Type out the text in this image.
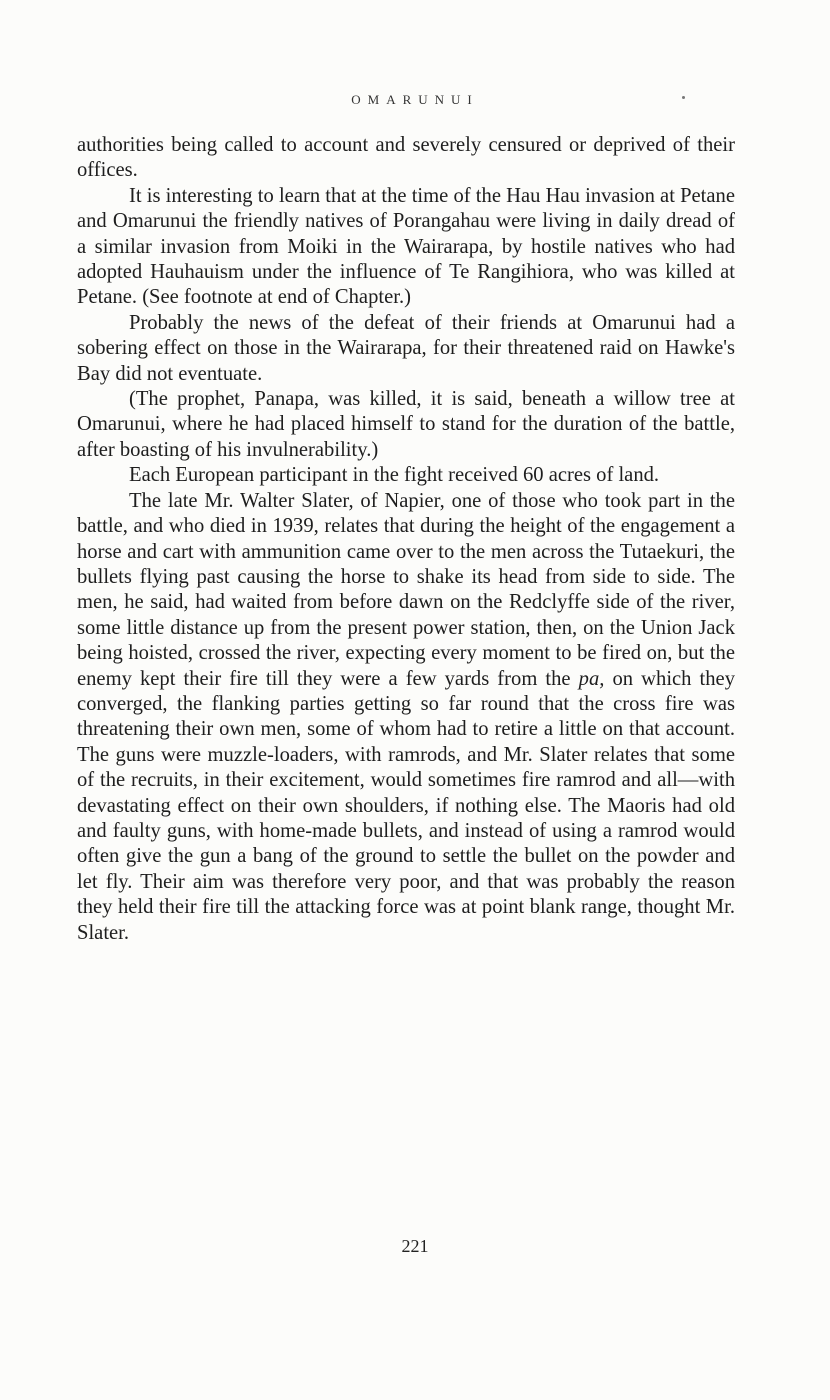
OMARUNUI

authorities being called to account and severely censured or deprived of their offices.

It is interesting to learn that at the time of the Hau Hau invasion at Petane and Omarunui the friendly natives of Porangahau were living in daily dread of a similar invasion from Moiki in the Wairarapa, by hostile natives who had adopted Hauhauism under the influence of Te Rangihiora, who was killed at Petane. (See footnote at end of Chapter.)

Probably the news of the defeat of their friends at Omarunui had a sobering effect on those in the Wairarapa, for their threatened raid on Hawke's Bay did not eventuate.

(The prophet, Panapa, was killed, it is said, beneath a willow tree at Omarunui, where he had placed himself to stand for the duration of the battle, after boasting of his invulnerability.)

Each European participant in the fight received 60 acres of land.

The late Mr. Walter Slater, of Napier, one of those who took part in the battle, and who died in 1939, relates that during the height of the engagement a horse and cart with ammunition came over to the men across the Tutaekuri, the bullets flying past causing the horse to shake its head from side to side. The men, he said, had waited from before dawn on the Redclyffe side of the river, some little distance up from the present power station, then, on the Union Jack being hoisted, crossed the river, expecting every moment to be fired on, but the enemy kept their fire till they were a few yards from the pa, on which they converged, the flanking parties getting so far round that the cross fire was threatening their own men, some of whom had to retire a little on that account. The guns were muzzle-loaders, with ramrods, and Mr. Slater relates that some of the recruits, in their excitement, would sometimes fire ramrod and all—with devastating effect on their own shoulders, if nothing else. The Maoris had old and faulty guns, with home-made bullets, and instead of using a ramrod would often give the gun a bang of the ground to settle the bullet on the powder and let fly. Their aim was therefore very poor, and that was probably the reason they held their fire till the attacking force was at point blank range, thought Mr. Slater.

221
